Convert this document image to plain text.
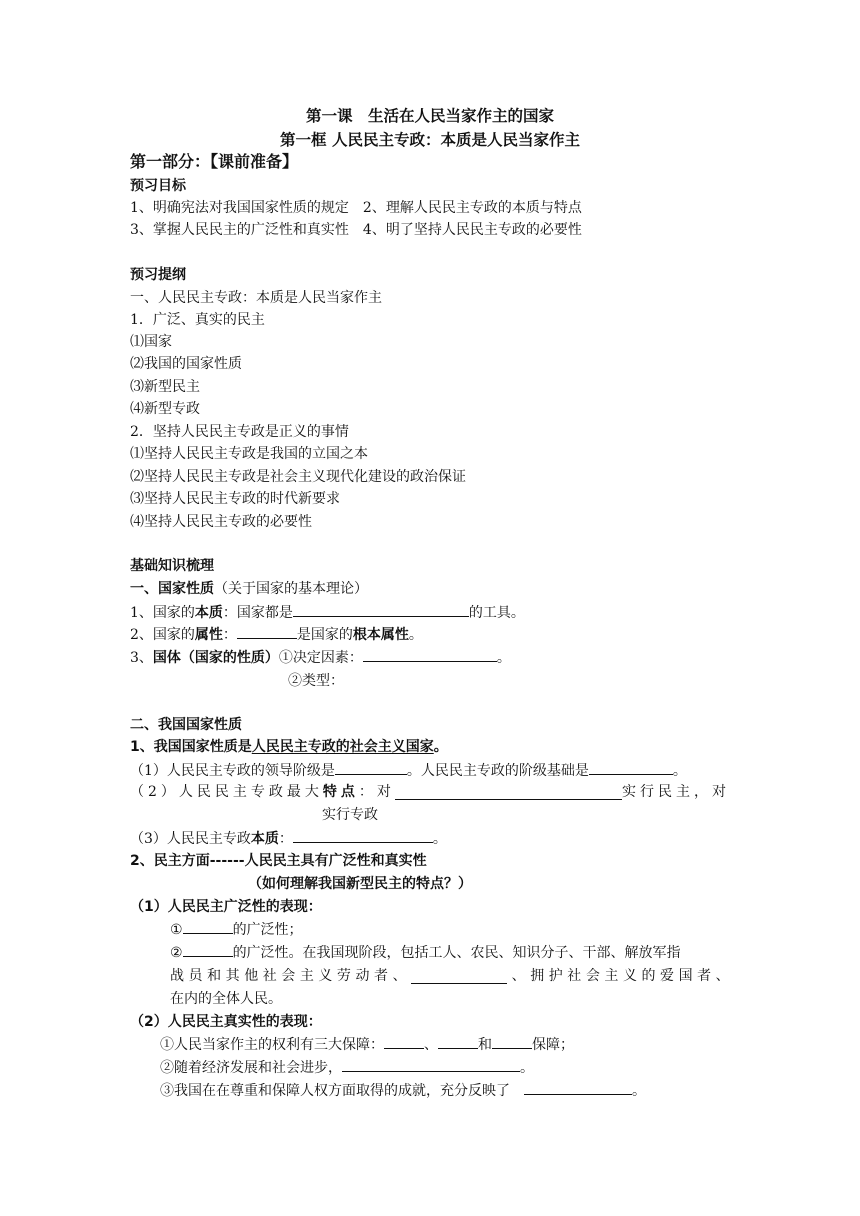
第一课　生活在人民当家作主的国家
第一框 人民民主专政：本质是人民当家作主
第一部分：【课前准备】
预习目标
1、明确宪法对我国国家性质的规定　2、理解人民民主专政的本质与特点
3、掌握人民民主的广泛性和真实性　4、明了坚持人民民主专政的必要性
预习提纲
一、人民民主专政：本质是人民当家作主
1．广泛、真实的民主
⑴国家
⑵我国的国家性质
⑶新型民主
⑷新型专政
2．坚持人民民主专政是正义的事情
⑴坚持人民民主专政是我国的立国之本
⑵坚持人民民主专政是社会主义现代化建设的政治保证
⑶坚持人民民主专政的时代新要求
⑷坚持人民民主专政的必要性
基础知识梳理
一、国家性质（关于国家的基本理论）
1、国家的本质：国家都是	的工具。
2、国家的属性：	是国家的根本属性。
3、国体（国家的性质）①决定因素：	。
②类型：
二、我国国家性质
1、我国国家性质是人民民主专政的社会主义国家。
（1）人民民主专政的领导阶级是	。人民民主专政的阶级基础是	。
（2）人民民主专政最大特点：对	实行民主，对
实行专政
（3）人民民主专政本质：	。
2、民主方面------人民民主具有广泛性和真实性
（如何理解我国新型民主的特点？）
（1）人民民主广泛性的表现：
①	的广泛性；
②	的广泛性。在我国现阶段，包括工人、农民、知识分子、干部、解放军指
战 员 和 其 他 社 会 主 义 劳 动 者 、	、 拥 护 社 会 主 义 的 爱 国 者 、
在内的全体人民。
（2）人民民主真实性的表现：
①人民当家作主的权利有三大保障：	、	和	保障；
②随着经济发展和社会进步，	。
③我国在在尊重和保障人权方面取得的成就，充分反映了　	。
